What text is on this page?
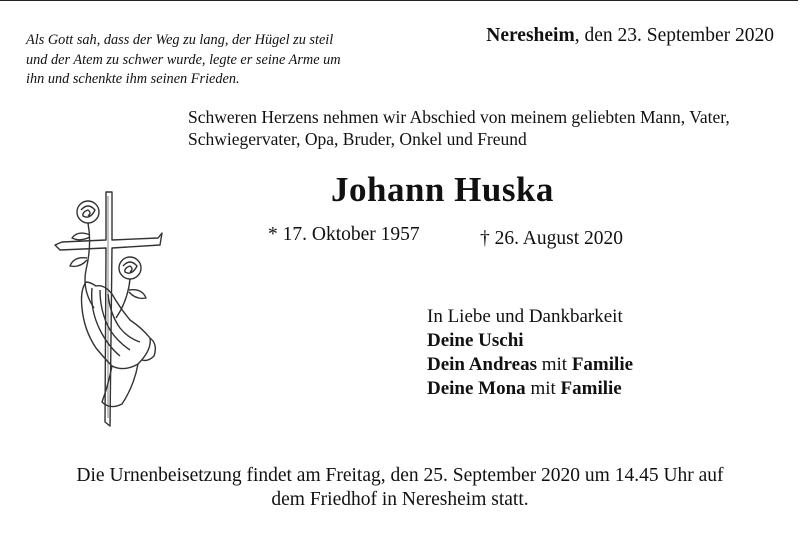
Als Gott sah, dass der Weg zu lang, der Hügel zu steil
und der Atem zu schwer wurde, legte er seine Arme um
ihn und schenkte ihm seinen Frieden.
Neresheim, den 23. September 2020
Schweren Herzens nehmen wir Abschied von meinem geliebten Mann, Vater,
Schwiegervater, Opa, Bruder, Onkel und Freund
Johann Huska
* 17. Oktober 1957	† 26. August 2020
In Liebe und Dankbarkeit
Deine Uschi
Dein Andreas mit Familie
Deine Mona mit Familie
Die Urnenbeisetzung findet am Freitag, den 25. September 2020 um 14.45 Uhr auf
dem Friedhof in Neresheim statt.
